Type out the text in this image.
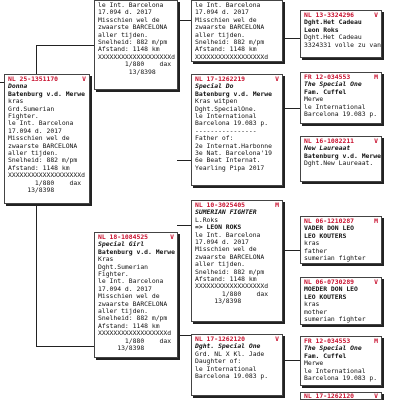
le Int. Barcelona
17.094 d. 2017
Misschien wel de
zwaarste BARCELONA
aller tijden.
Snelheid: 882 m/pm
Afstand: 1148 km
XXXXXXXXXXXXXXXXXXXd
1/880    dax
13/8398
le Int. Barcelona
17.094 d. 2017
Misschien wel de
zwaarste BARCELONA
aller tijden.
Snelheid: 882 m/pm
Afstand: 1148 km
XXXXXXXXXXXXXXXXXXd
NL 13-3324296	V
Dght.Het Cadeau
Leon Roks
Dght.Het Cadeau
3324331 volle zu van
NL 25-1351170	V
Donna
Batenburg v.d. Merwe
kras
Grd.Sumerian
Fighter.
le Int. Barcelona
17.094 d. 2017
Misschien wel de
zwaarste BARCELONA
aller tijden.
Snelheid: 882 m/pm
Afstand: 1148 km
XXXXXXXXXXXXXXXXXXXd
1/880    dax
13/8398
NL 17-1262219	V
Special Do
Batenburg v.d. Merwe
Kras witpen
Dght.SpecialOne.
le International
Barcelona 19.083 p.
----------------
Father of:
2e Internat.Harbonne
3e Nat. Barcelona'19
6e Beat Internat.
Yearling Pipa 2017
FR 12-034553	M
The Special One
Fam. Cuffel
Merwe
le International
Barcelona 19.083 p.
NL 16-1082211	V
New Laureaat
Batenburg v.d. Merwe
Dght.New Laureaat.
NL 18-1084525	V
Special Girl
Batenburg v.d. Merwe
Kras
Dght.Sumerian
Fighter.
le Int. Barcelona
17.094 d. 2017
Misschien wel de
zwaarste BARCELONA
aller tijden.
Snelheid: 882 m/pm
Afstand: 1148 km
XXXXXXXXXXXXXXXXXXd
1/880    dax
13/8398
NL 10-3025405	M
SUMERIAN FIGHTER
L.Roks
=> LEON ROKS
le Int. Barcelona
17.094 d. 2017
Misschien wel de
zwaarste BARCELONA
aller tijden.
Snelheid: 882 m/pm
Afstand: 1148 km
XXXXXXXXXXXXXXXXXXd
1/880    dax
13/8398
NL 06-1210287	M
VADER DON LEO
LEO KOUTERS
kras
father
sumerian fighter
NL 06-0730289	V
MOEDER DON LEO
LEO KOUTERS
kras
mother
sumerian fighter
NL 17-1262120	V
Dght. Special One
Grd. NL X Kl. Jade
Daughter of:
le International
Barcelona 19.083 p.
FR 12-034553	M
The Special One
Fam. Cuffel
Merwe
le International
Barcelona 19.083 p.
NL 17-1262120	V
